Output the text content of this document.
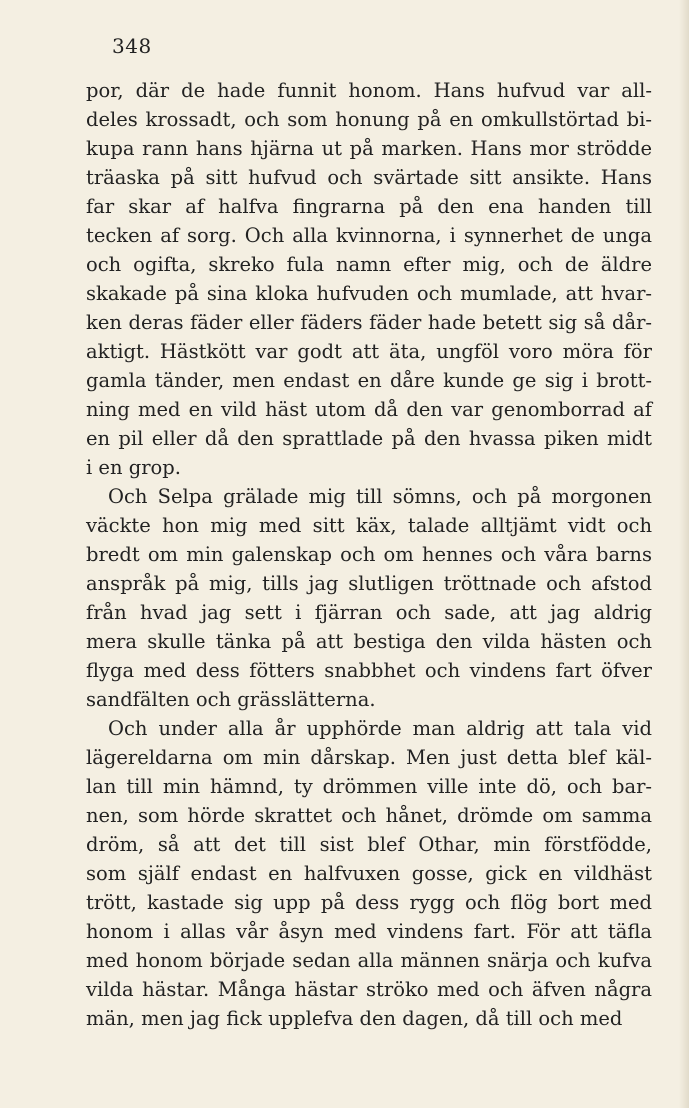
348
por, där de hade funnit honom. Hans hufvud var all-
deles krossadt, och som honung på en omkullstörtad bi-
kupa rann hans hjärna ut på marken. Hans mor strödde
träaska på sitt hufvud och svärtade sitt ansikte. Hans
far skar af halfva fingrarna på den ena handen till
tecken af sorg. Och alla kvinnorna, i synnerhet de unga
och ogifta, skreko fula namn efter mig, och de äldre
skakade på sina kloka hufvuden och mumlade, att hvar-
ken deras fäder eller fäders fäder hade betett sig så dår-
aktigt. Hästkött var godt att äta, ungföl voro möra för
gamla tänder, men endast en dåre kunde ge sig i brott-
ning med en vild häst utom då den var genomborrad af
en pil eller då den sprattlade på den hvassa piken midt
i en grop.
Och Selpa grälade mig till sömns, och på morgonen
väckte hon mig med sitt käx, talade alltjämt vidt och
bredt om min galenskap och om hennes och våra barns
anspråk på mig, tills jag slutligen tröttnade och afstod
från hvad jag sett i fjärran och sade, att jag aldrig
mera skulle tänka på att bestiga den vilda hästen och
flyga med dess fötters snabbhet och vindens fart öfver
sandfälten och grässlätterna.
Och under alla år upphörde man aldrig att tala vid
lägereldarna om min dårskap. Men just detta blef käl-
lan till min hämnd, ty drömmen ville inte dö, och bar-
nen, som hörde skrattet och hånet, drömde om samma
dröm, så att det till sist blef Othar, min förstfödde,
som själf endast en halfvuxen gosse, gick en vildhäst
trött, kastade sig upp på dess rygg och flög bort med
honom i allas vår åsyn med vindens fart. För att täfla
med honom började sedan alla männen snärja och kufva
vilda hästar. Många hästar ströko med och äfven några
män, men jag fick upplefva den dagen, då till och med
